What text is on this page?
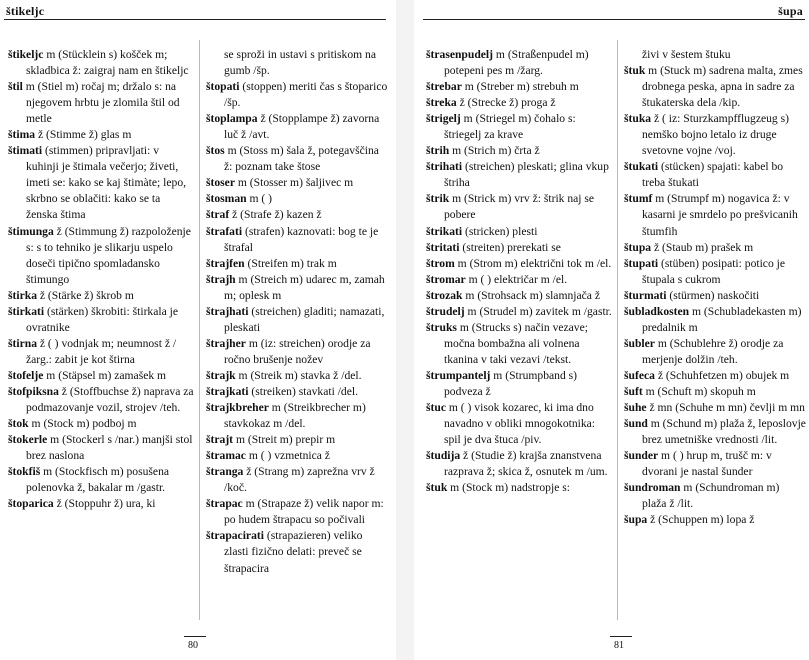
štikeljc

štikeljc m (Stücklein s) košček m; skladbica ž: zaigraj nam en štikeljc

štil m (Stiel m) ročaj m; držalo s: na njegovem hrbtu je zlomila štil od metle

štima ž (Stimme ž) glas m

štimati (stimmen) pripravljati: v kuhinji je štimala večerjo; živeti, imeti se: kako se kaj štimàte; lepo, skrbno se oblačiti: kako se ta ženska štima

štimunga ž (Stimmung ž) razpoloženje s: s to tehniko je slikarju uspelo doseči tipično spomladansko štimungo

štirka ž (Stärke ž) škrob m

štirkati (stärken) škrobiti: štirkala je ovratnike

štirna ž ( ) vodnjak m; neumnost ž /žarg.: zabit je kot štirna

štofelje m (Stäpsel m) zamašek m

štofpiksna ž (Stoffbuchse ž) naprava za podmazovanje vozil, strojev /teh.

štok m (Stock m) podboj m

štokerle m (Stockerl s /nar.) manjši stol brez naslona

štokfiš m (Stockfisch m) posušena polenovka ž, bakalar m /gastr.

štoparica ž (Stoppuhr ž) ura, ki

se sproži in ustavi s pritiskom na gumb /šp.

štopati (stoppen) meriti čas s štoparico /šp.

štoplampa ž (Stopplampe ž) zavorna luč ž /avt.

štos m (Stoss m) šala ž, potegavščina ž: poznam take štose

štoser m (Stosser m) šaljivec m

štosman m ( )

štraf ž (Strafe ž) kazen ž

štrafati (strafen) kaznovati: bog te je štrafal

štrajfen (Streifen m) trak m

štrajh m (Streich m) udarec m, zamah m; oplesk m

štrajhati (streichen) gladiti; namazati, pleskati

štrajher m (iz: streichen) orodje za ročno brušenje nožev

štrajk m (Streik m) stavka ž /del.

štrajkati (streiken) stavkati /del.

štrajkbreher m (Streikbrecher m) stavkokaz m /del.

štrajt m (Streit m) prepir m

štramac m ( ) vzmetnica ž

štranga ž (Strang m) zaprežna vrv ž /koč.

štrapac m (Strapaze ž) velik napor m: po hudem štrapacu so počivali

štrapacirati (strapazieren) veliko zlasti fizično delati: preveč se štrapacira

80
šupa

štrasenpudelj m (Straßenpudel m) potepeni pes m /žarg.

štrebar m (Streber m) strebuh m

štreka ž (Strecke ž) proga ž

štrigelj m (Striegel m) čohalo s: štriegelj za krave

štrih m (Strich m) črta ž

štrihati (streichen) pleskati; glina vkup štriha

štrik m (Strick m) vrv ž: štrik naj se pobere

štrikati (stricken) plesti

štritati (streiten) prerekati se

štrom m (Strom m) električni tok m /el.

štromar m ( ) električar m /el.

štrozak m (Strohsack m) slamnjača ž

štrudelj m (Strudel m) zavitek m /gastr.

štruks m (Strucks s) način vezave; močna bombažna ali volnena tkanina v taki vezavi /tekst.

štrumpantelj m (Strumpband s) podveza ž

štuc m ( ) visok kozarec, ki ima dno navadno v obliki mnogokotnika: spil je dva štuca /piv.

študija ž (Studie ž) krajša znanstvena razprava ž; skica ž, osnutek m /um.

štuk m (Stock m) nadstropje s:

živi v šestem štuku

štuk m (Stuck m) sadrena malta, zmes drobnega peska, apna in sadre za štukaterska dela /kip.

štuka ž ( iz: Sturzkampfflugzeug s) nemško bojno letalo iz druge svetovne vojne /voj.

štukati (stücken) spajati: kabel bo treba štukati

štumf m (Strumpf m) nogavica ž: v kasarni je smrdelo po prešvicanih štumfih

štupa ž (Staub m) prašek m

štupati (stüben) posipati: potico je štupala s cukrom

šturmati (stürmen) naskočiti

šubladkosten m (Schubladekasten m) predalnik m

šubler m (Schublehre ž) orodje za merjenje dolžin /teh.

šufeca ž (Schuhfetzen m) obujek m

šuft m (Schuft m) skopuh m

šuhe ž mn (Schuhe m mn) čevlji m mn

šund m (Schund m) plaža ž, leposlovje brez umetniške vrednosti /lit.

šunder m ( ) hrup m, trušč m: v dvorani je nastal šunder

šundroman m (Schundroman m) plaža ž /lit.

šupa ž (Schuppen m) lopa ž

81
